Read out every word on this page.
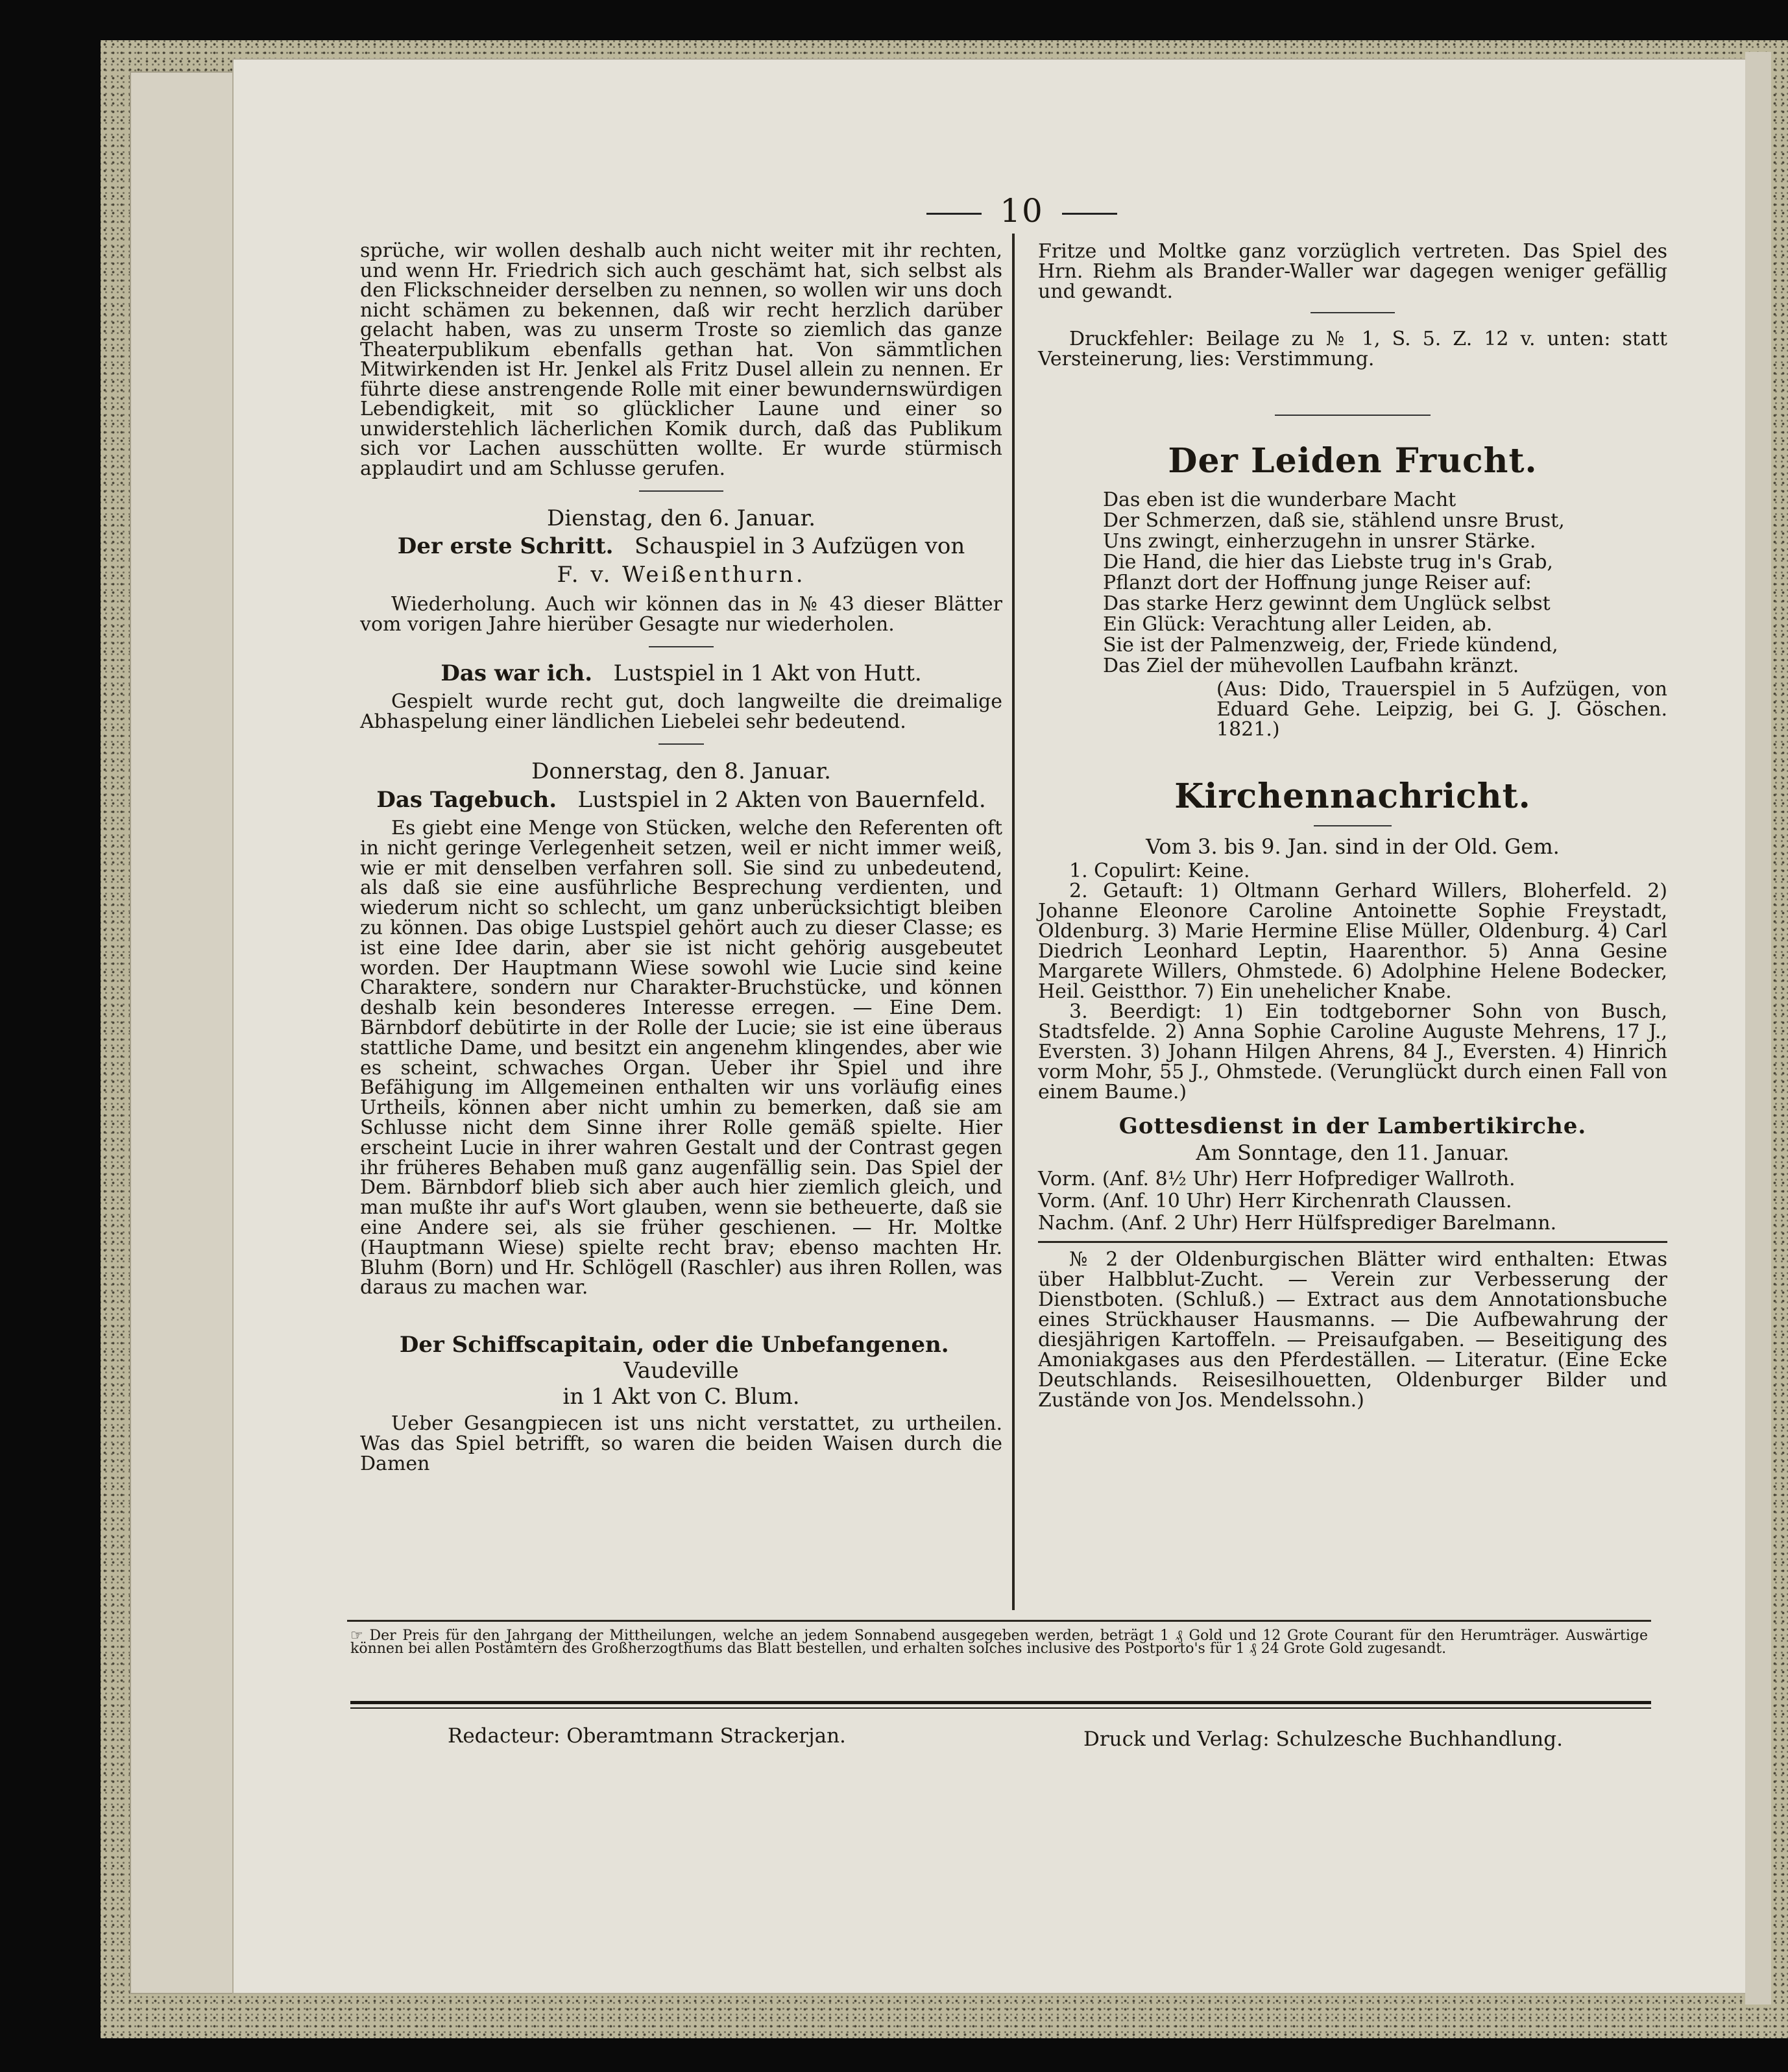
10

sprüche, wir wollen deshalb auch nicht weiter mit ihr rechten, und wenn Hr. Friedrich sich auch geschämt hat, sich selbst als den Flickschneider derselben zu nennen, so wollen wir uns doch nicht schämen zu bekennen, daß wir recht herzlich darüber gelacht haben, was zu unserm Troste so ziemlich das ganze Theaterpublikum ebenfalls gethan hat. Von sämmtlichen Mitwirkenden ist Hr. Jenkel als Fritz Dusel allein zu nennen. Er führte diese anstrengende Rolle mit einer bewundernswürdigen Lebendigkeit, mit so glücklicher Laune und einer so unwiderstehlich lächerlichen Komik durch, daß das Publikum sich vor Lachen ausschütten wollte. Er wurde stürmisch applaudirt und am Schlusse gerufen.

Dienstag, den 6. Januar.

Der erste Schritt. Schauspiel in 3 Aufzügen von

F. v. Weißenthurn.

Wiederholung. Auch wir können das in № 43 dieser Blätter vom vorigen Jahre hierüber Gesagte nur wiederholen.

Das war ich. Lustspiel in 1 Akt von Hutt.

Gespielt wurde recht gut, doch langweilte die dreimalige Abhaspelung einer ländlichen Liebelei sehr bedeutend.

Donnerstag, den 8. Januar.

Das Tagebuch. Lustspiel in 2 Akten von Bauernfeld.

Es giebt eine Menge von Stücken, welche den Referenten oft in nicht geringe Verlegenheit setzen, weil er nicht immer weiß, wie er mit denselben verfahren soll. Sie sind zu unbedeutend, als daß sie eine ausführliche Besprechung verdienten, und wiederum nicht so schlecht, um ganz unberücksichtigt bleiben zu können. Das obige Lustspiel gehört auch zu dieser Classe; es ist eine Idee darin, aber sie ist nicht gehörig ausgebeutet worden. Der Hauptmann Wiese sowohl wie Lucie sind keine Charaktere, sondern nur Charakter-Bruchstücke, und können deshalb kein besonderes Interesse erregen. — Eine Dem. Bärnbdorf debütirte in der Rolle der Lucie; sie ist eine überaus stattliche Dame, und besitzt ein angenehm klingendes, aber wie es scheint, schwaches Organ. Ueber ihr Spiel und ihre Befähigung im Allgemeinen enthalten wir uns vorläufig eines Urtheils, können aber nicht umhin zu bemerken, daß sie am Schlusse nicht dem Sinne ihrer Rolle gemäß spielte. Hier erscheint Lucie in ihrer wahren Gestalt und der Contrast gegen ihr früheres Behaben muß ganz augenfällig sein. Das Spiel der Dem. Bärnbdorf blieb sich aber auch hier ziemlich gleich, und man mußte ihr auf's Wort glauben, wenn sie betheuerte, daß sie eine Andere sei, als sie früher geschienen. — Hr. Moltke (Hauptmann Wiese) spielte recht brav; ebenso machten Hr. Bluhm (Born) und Hr. Schlögell (Raschler) aus ihren Rollen, was daraus zu machen war.

Der Schiffscapitain, oder die Unbefangenen.   Vaudeville

in 1 Akt von C. Blum.

Ueber Gesangpiecen ist uns nicht verstattet, zu urtheilen. Was das Spiel betrifft, so waren die beiden Waisen durch die Damen

Fritze und Moltke ganz vorzüglich vertreten. Das Spiel des Hrn. Riehm als Brander-Waller war dagegen weniger gefällig und gewandt.

Druckfehler: Beilage zu № 1, S. 5. Z. 12 v. unten: statt Versteinerung, lies: Verstimmung.

Der Leiden Frucht.

Das eben ist die wunderbare Macht
Der Schmerzen, daß sie, stählend unsre Brust,
Uns zwingt, einherzugehn in unsrer Stärke.
Die Hand, die hier das Liebste trug in's Grab,
Pflanzt dort der Hoffnung junge Reiser auf:
Das starke Herz gewinnt dem Unglück selbst
Ein Glück: Verachtung aller Leiden, ab.
Sie ist der Palmenzweig, der, Friede kündend,
Das Ziel der mühevollen Laufbahn kränzt.

(Aus: Dido, Trauerspiel in 5 Aufzügen, von Eduard Gehe. Leipzig, bei G. J. Göschen. 1821.)

Kirchennachricht.

Vom 3. bis 9. Jan. sind in der Old. Gem.

1. Copulirt: Keine.

2. Getauft: 1) Oltmann Gerhard Willers, Bloherfeld. 2) Johanne Eleonore Caroline Antoinette Sophie Freystadt, Oldenburg. 3) Marie Hermine Elise Müller, Oldenburg. 4) Carl Diedrich Leonhard Leptin, Haarenthor. 5) Anna Gesine Margarete Willers, Ohmstede. 6) Adolphine Helene Bodecker, Heil. Geistthor. 7) Ein unehelicher Knabe.

3. Beerdigt: 1) Ein todtgeborner Sohn von Busch, Stadtsfelde. 2) Anna Sophie Caroline Auguste Mehrens, 17 J., Eversten. 3) Johann Hilgen Ahrens, 84 J., Eversten. 4) Hinrich vorm Mohr, 55 J., Ohmstede. (Verunglückt durch einen Fall von einem Baume.)

Gottesdienst in der Lambertikirche.

Am Sonntage, den 11. Januar.

Vorm. (Anf. 8½ Uhr) Herr Hofprediger Wallroth.
Vorm. (Anf. 10 Uhr) Herr Kirchenrath Claussen.
Nachm. (Anf. 2 Uhr) Herr Hülfsprediger Barelmann.

№ 2 der Oldenburgischen Blätter wird enthalten: Etwas über Halbblut-Zucht. — Verein zur Verbesserung der Dienstboten. (Schluß.) — Extract aus dem Annotationsbuche eines Strückhauser Hausmanns. — Die Aufbewahrung der diesjährigen Kartoffeln. — Preisaufgaben. — Beseitigung des Amoniakgases aus den Pferdeställen. — Literatur. (Eine Ecke Deutschlands. Reisesilhouetten, Oldenburger Bilder und Zustände von Jos. Mendelssohn.)

☞ Der Preis für den Jahrgang der Mittheilungen, welche an jedem Sonnabend ausgegeben werden, beträgt 1 ₰ Gold und 12 Grote Courant für den Herumträger. Auswärtige können bei allen Postämtern des Großherzogthums das Blatt bestellen, und erhalten solches inclusive des Postporto's für 1 ₰ 24 Grote Gold zugesandt.
Redacteur: Oberamtmann Strackerjan.	Druck und Verlag: Schulzesche Buchhandlung.
